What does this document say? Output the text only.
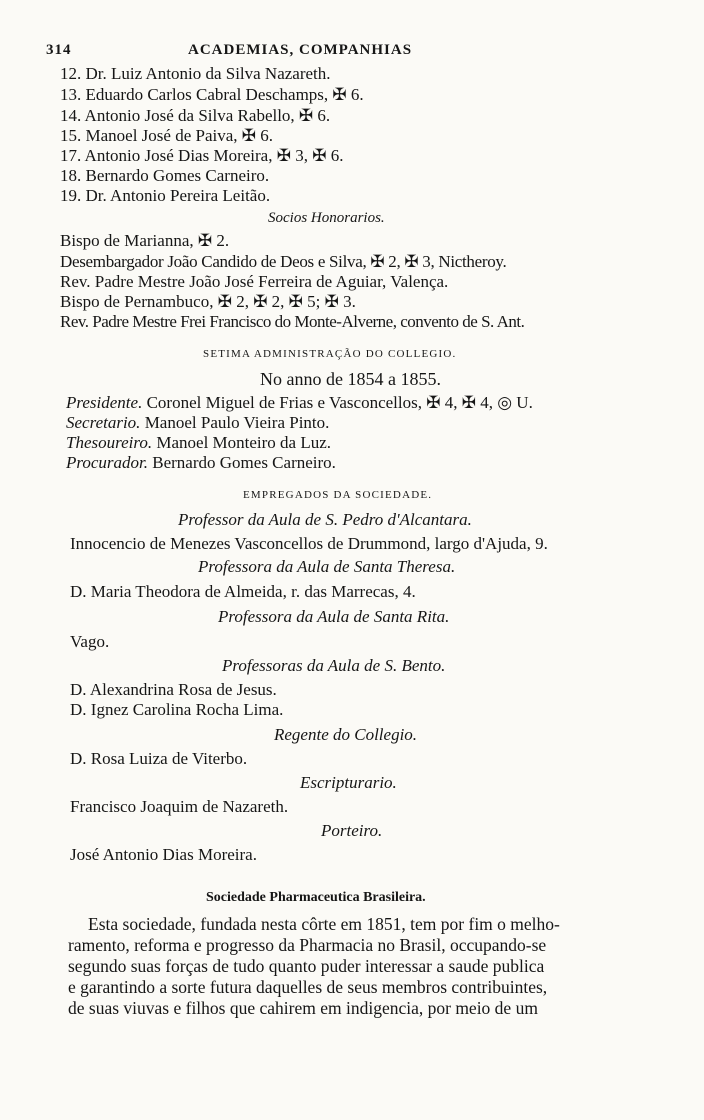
314	ACADEMIAS, COMPANHIAS
12. Dr. Luiz Antonio da Silva Nazareth.
13. Eduardo Carlos Cabral Deschamps, ✠ 6.
14. Antonio José da Silva Rabello, ✠ 6.
15. Manoel José de Paiva, ✠ 6.
17. Antonio José Dias Moreira, ✠ 3, ✠ 6.
18. Bernardo Gomes Carneiro.
19. Dr. Antonio Pereira Leitão.
Socios Honorarios.
Bispo de Marianna, ✠ 2.
Desembargador João Candido de Deos e Silva, ✠ 2, ✠ 3, Nictheroy.
Rev. Padre Mestre João José Ferreira de Aguiar, Valença.
Bispo de Pernambuco, ✠ 2, ✠ 2, ✠ 5; ✠ 3.
Rev. Padre Mestre Frei Francisco do Monte-Alverne, convento de S. Ant.
SETIMA ADMINISTRAÇÃO DO COLLEGIO.
No anno de 1854 a 1855.
Presidente. Coronel Miguel de Frias e Vasconcellos, ✠ 4, ✠ 4, ◎ U.
Secretario. Manoel Paulo Vieira Pinto.
Thesoureiro. Manoel Monteiro da Luz.
Procurador. Bernardo Gomes Carneiro.
EMPREGADOS DA SOCIEDADE.
Professor da Aula de S. Pedro d'Alcantara.
Innocencio de Menezes Vasconcellos de Drummond, largo d'Ajuda, 9.
Professora da Aula de Santa Theresa.
D. Maria Theodora de Almeida, r. das Marrecas, 4.
Professora da Aula de Santa Rita.
Vago.
Professoras da Aula de S. Bento.
D. Alexandrina Rosa de Jesus.
D. Ignez Carolina Rocha Lima.
Regente do Collegio.
D. Rosa Luiza de Viterbo.
Escripturario.
Francisco Joaquim de Nazareth.
Porteiro.
José Antonio Dias Moreira.
Sociedade Pharmaceutica Brasileira.
Esta sociedade, fundada nesta côrte em 1851, tem por fim o melho-
ramento, reforma e progresso da Pharmacia no Brasil, occupando-se
segundo suas forças de tudo quanto puder interessar a saude publica
e garantindo a sorte futura daquelles de seus membros contribuintes,
de suas viuvas e filhos que cahirem em indigencia, por meio de um
